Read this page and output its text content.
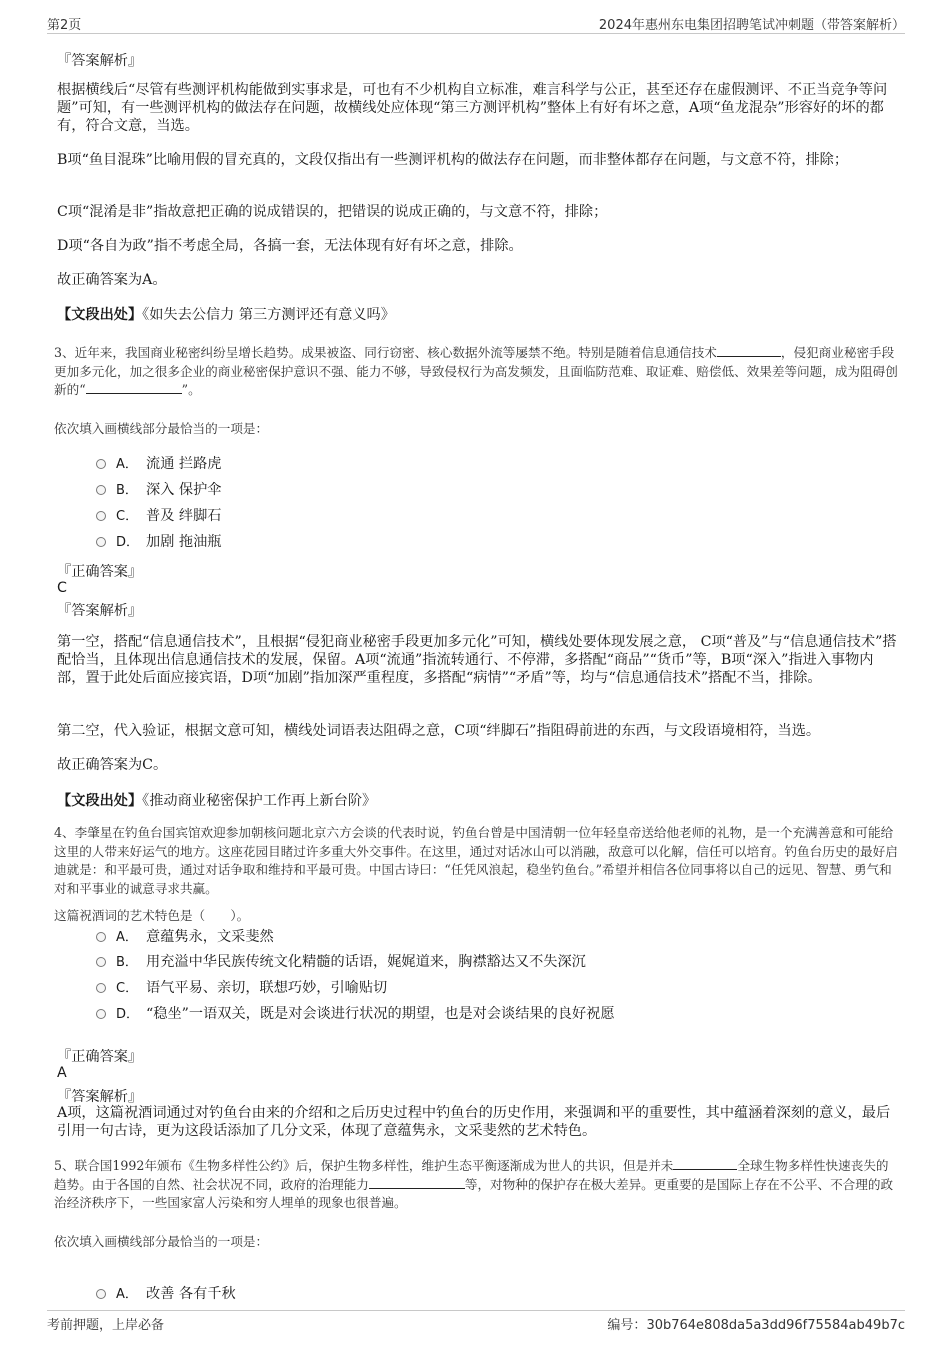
第2页	2024年惠州东电集团招聘笔试冲刺题（带答案解析）
『答案解析』
根据横线后“尽管有些测评机构能做到实事求是，可也有不少机构自立标准，难言科学与公正，甚至还存在虚假测评、不正当竞争等问题”可知，有一些测评机构的做法存在问题，故横线处应体现“第三方测评机构”整体上有好有坏之意，A项“鱼龙混杂”形容好的坏的都有，符合文意，当选。
B项“鱼目混珠”比喻用假的冒充真的，文段仅指出有一些测评机构的做法存在问题，而非整体都存在问题，与文意不符，排除；
C项“混淆是非”指故意把正确的说成错误的，把错误的说成正确的，与文意不符，排除；
D项“各自为政”指不考虑全局，各搞一套，无法体现有好有坏之意，排除。
故正确答案为A。
【文段出处】《如失去公信力 第三方测评还有意义吗》
3、近年来，我国商业秘密纠纷呈增长趋势。成果被盗、同行窃密、核心数据外流等屡禁不绝。特别是随着信息通信技术	，侵犯商业秘密手段更加多元化，加之很多企业的商业秘密保护意识不强、能力不够，导致侵权行为高发频发，且面临防范难、取证难、赔偿低、效果差等问题，成为阻碍创新的“	”。
依次填入画横线部分最恰当的一项是：
A． 流通 拦路虎
B． 深入 保护伞
C． 普及 绊脚石
D． 加剧 拖油瓶
『正确答案』
C
『答案解析』
第一空，搭配“信息通信技术”，且根据“侵犯商业秘密手段更加多元化”可知，横线处要体现发展之意， C项“普及”与“信息通信技术”搭配恰当，且体现出信息通信技术的发展，保留。A项“流通”指流转通行、不停滞，多搭配“商品”“货币”等，B项“深入”指进入事物内部，置于此处后面应接宾语，D项“加剧”指加深严重程度，多搭配“病情”“矛盾”等，均与“信息通信技术”搭配不当，排除。
第二空，代入验证，根据文意可知，横线处词语表达阻碍之意，C项“绊脚石”指阻碍前进的东西，与文段语境相符，当选。
故正确答案为C。
【文段出处】《推动商业秘密保护工作再上新台阶》
4、李肇星在钓鱼台国宾馆欢迎参加朝核问题北京六方会谈的代表时说，钓鱼台曾是中国清朝一位年轻皇帝送给他老师的礼物，是一个充满善意和可能给这里的人带来好运气的地方。这座花园目睹过许多重大外交事件。在这里，通过对话冰山可以消融，敌意可以化解，信任可以培育。钓鱼台历史的最好启迪就是：和平最可贵，通过对话争取和维持和平最可贵。中国古诗曰：“任凭风浪起，稳坐钓鱼台。”希望并相信各位同事将以自己的远见、智慧、勇气和对和平事业的诚意寻求共赢。
这篇祝酒词的艺术特色是（　　）。
A． 意蕴隽永，文采斐然
B． 用充溢中华民族传统文化精髓的话语，娓娓道来，胸襟豁达又不失深沉
C． 语气平易、亲切，联想巧妙，引喻贴切
D． “稳坐”一语双关，既是对会谈进行状况的期望，也是对会谈结果的良好祝愿
『正确答案』
A
『答案解析』
A项，这篇祝酒词通过对钓鱼台由来的介绍和之后历史过程中钓鱼台的历史作用，来强调和平的重要性，其中蕴涵着深刻的意义，最后引用一句古诗，更为这段话添加了几分文采，体现了意蕴隽永，文采斐然的艺术特色。
5、联合国1992年颁布《生物多样性公约》后，保护生物多样性，维护生态平衡逐渐成为世人的共识，但是并未	全球生物多样性快速丧失的趋势。由于各国的自然、社会状况不同，政府的治理能力	等，对物种的保护存在极大差异。更重要的是国际上存在不公平、不合理的政治经济秩序下，一些国家富人污染和穷人埋单的现象也很普遍。
依次填入画横线部分最恰当的一项是：
A． 改善 各有千秋
考前押题，上岸必备	编号：30b764e808da5a3dd96f75584ab49b7c
